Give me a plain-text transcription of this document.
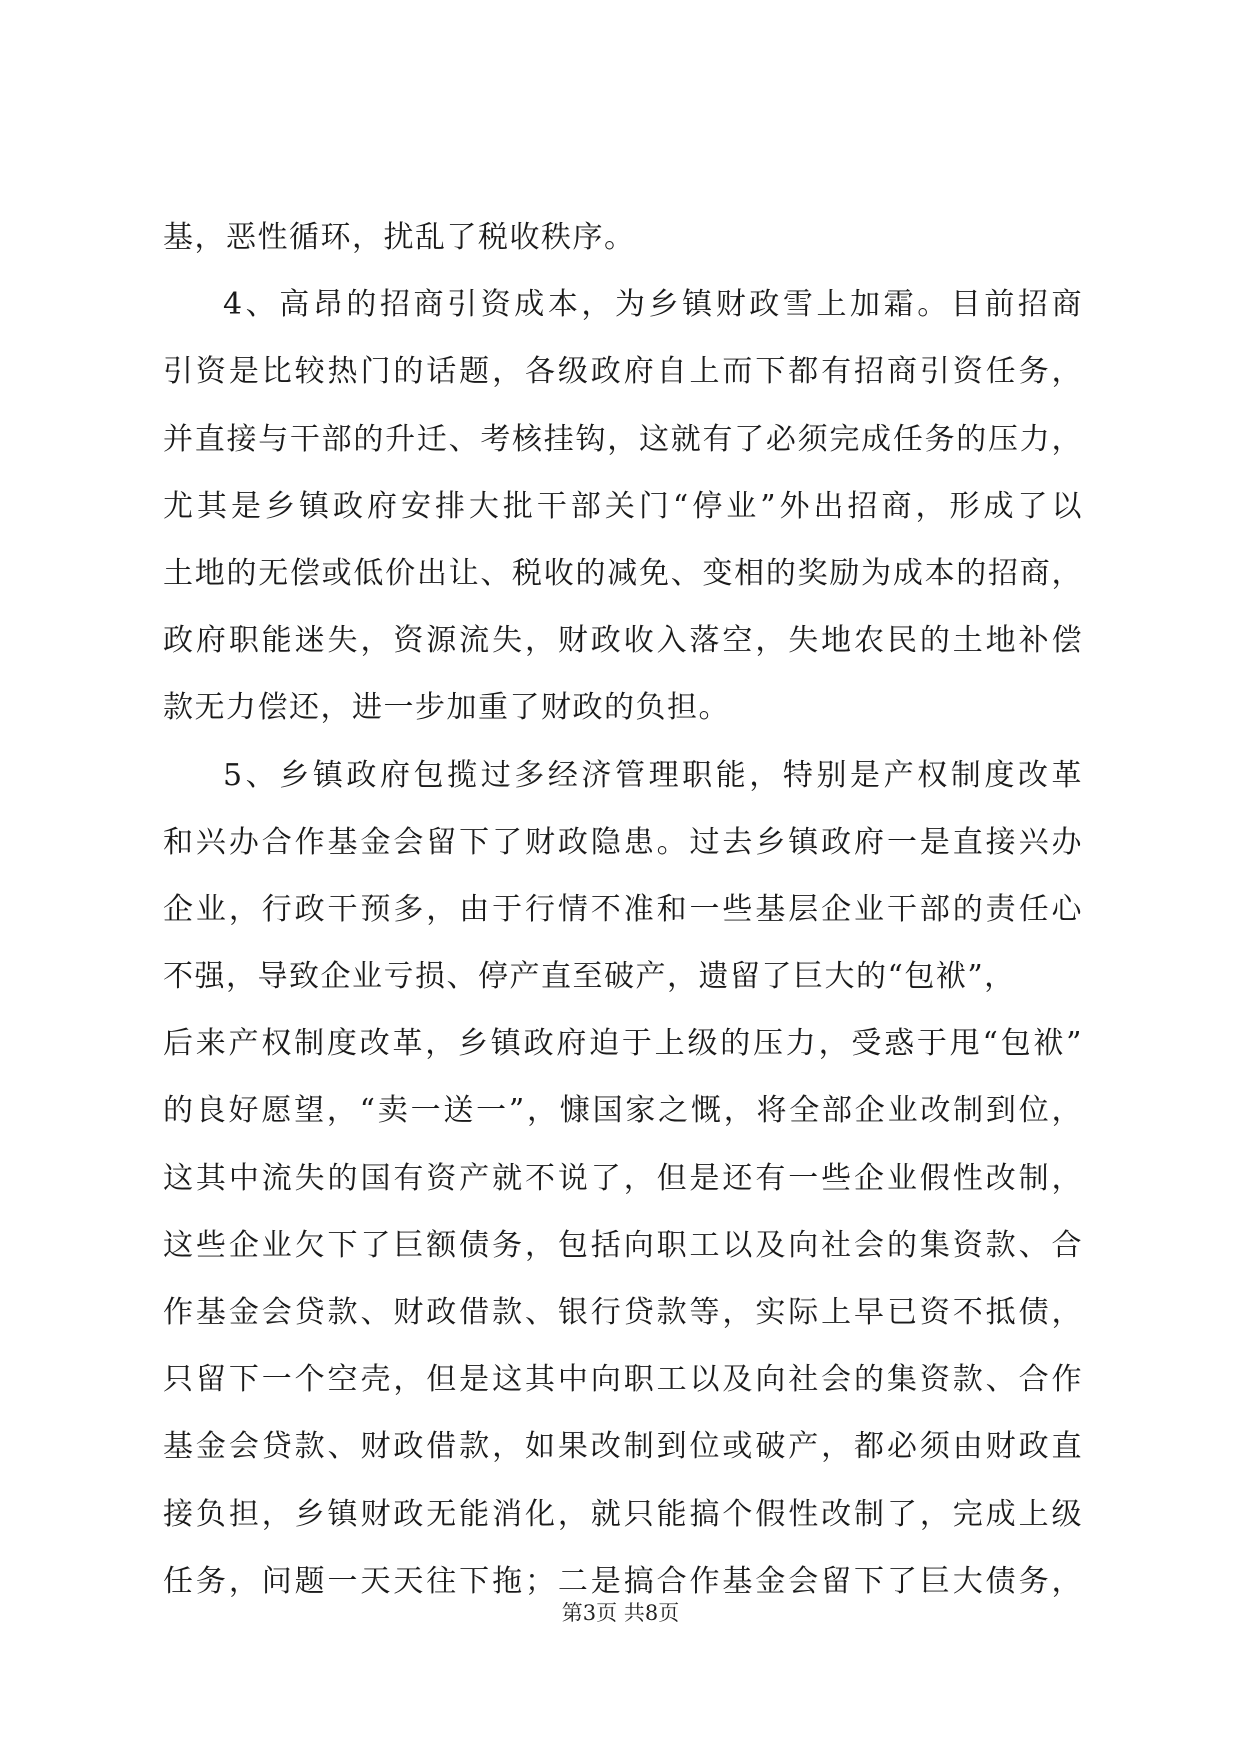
基，恶性循环，扰乱了税收秩序。
4、高昂的招商引资成本，为乡镇财政雪上加霜。目前招商
引资是比较热门的话题，各级政府自上而下都有招商引资任务，
并直接与干部的升迁、考核挂钩，这就有了必须完成任务的压力，
尤其是乡镇政府安排大批干部关门“停业”外出招商，形成了以
土地的无偿或低价出让、税收的减免、变相的奖励为成本的招商，
政府职能迷失，资源流失，财政收入落空，失地农民的土地补偿
款无力偿还，进一步加重了财政的负担。
5、乡镇政府包揽过多经济管理职能，特别是产权制度改革
和兴办合作基金会留下了财政隐患。过去乡镇政府一是直接兴办
企业，行政干预多，由于行情不准和一些基层企业干部的责任心
不强，导致企业亏损、停产直至破产，遗留了巨大的“包袱”，
后来产权制度改革，乡镇政府迫于上级的压力，受惑于甩“包袱”
的良好愿望，“卖一送一”，慷国家之慨，将全部企业改制到位，
这其中流失的国有资产就不说了，但是还有一些企业假性改制，
这些企业欠下了巨额债务，包括向职工以及向社会的集资款、合
作基金会贷款、财政借款、银行贷款等，实际上早已资不抵债，
只留下一个空壳，但是这其中向职工以及向社会的集资款、合作
基金会贷款、财政借款，如果改制到位或破产，都必须由财政直
接负担，乡镇财政无能消化，就只能搞个假性改制了，完成上级
任务，问题一天天往下拖；二是搞合作基金会留下了巨大债务，
第3页 共8页
